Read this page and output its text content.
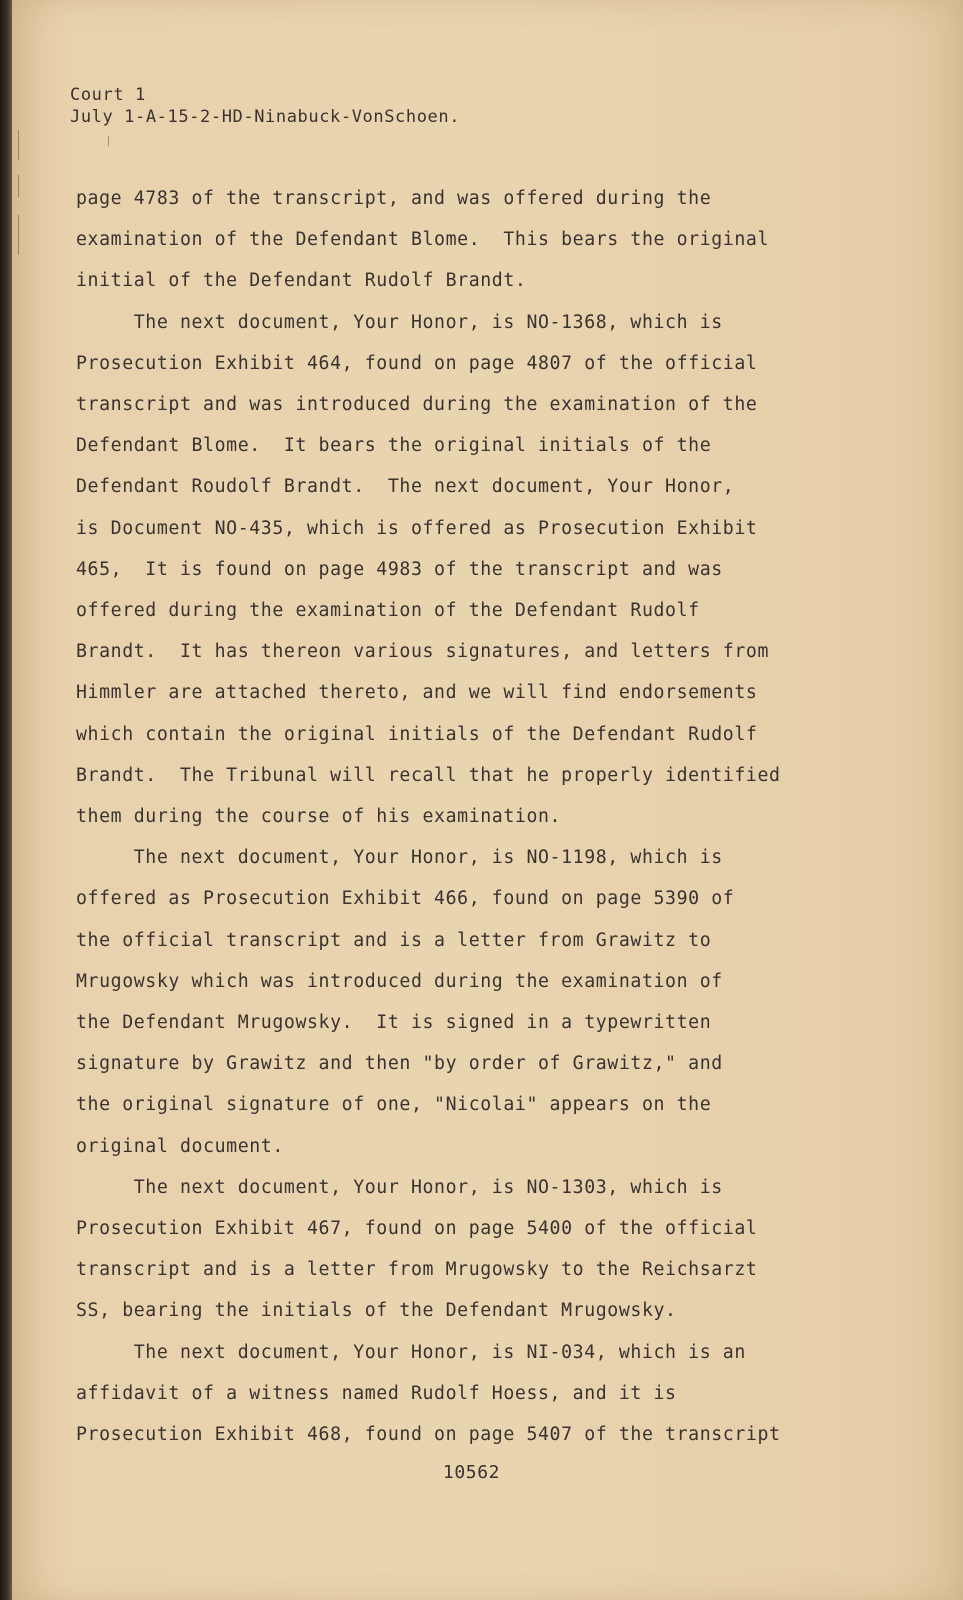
Court 1
July 1-A-15-2-HD-Ninabuck-VonSchoen.
page 4783 of the transcript, and was offered during the
examination of the Defendant Blome.  This bears the original
initial of the Defendant Rudolf Brandt.
The next document, Your Honor, is NO-1368, which is
Prosecution Exhibit 464, found on page 4807 of the official
transcript and was introduced during the examination of the
Defendant Blome.  It bears the original initials of the
Defendant Roudolf Brandt.  The next document, Your Honor,
is Document NO-435, which is offered as Prosecution Exhibit
465,  It is found on page 4983 of the transcript and was
offered during the examination of the Defendant Rudolf
Brandt.  It has thereon various signatures, and letters from
Himmler are attached thereto, and we will find endorsements
which contain the original initials of the Defendant Rudolf
Brandt.  The Tribunal will recall that he properly identified
them during the course of his examination.
The next document, Your Honor, is NO-1198, which is
offered as Prosecution Exhibit 466, found on page 5390 of
the official transcript and is a letter from Grawitz to
Mrugowsky which was introduced during the examination of
the Defendant Mrugowsky.  It is signed in a typewritten
signature by Grawitz and then "by order of Grawitz," and
the original signature of one, "Nicolai" appears on the
original document.
The next document, Your Honor, is NO-1303, which is
Prosecution Exhibit 467, found on page 5400 of the official
transcript and is a letter from Mrugowsky to the Reichsarzt
SS, bearing the initials of the Defendant Mrugowsky.
The next document, Your Honor, is NI-034, which is an
affidavit of a witness named Rudolf Hoess, and it is
Prosecution Exhibit 468, found on page 5407 of the transcript
10562
